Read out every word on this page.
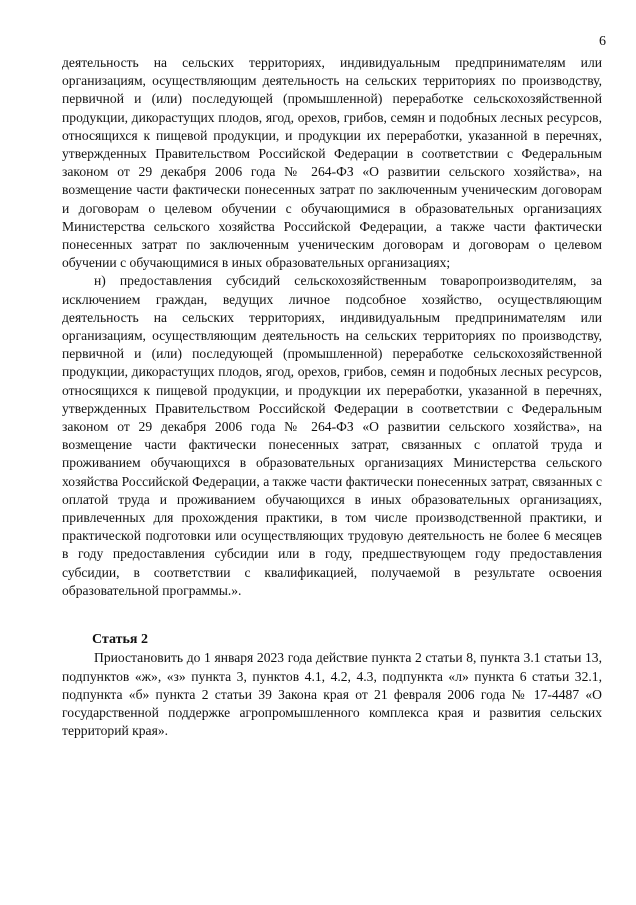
6

деятельность на сельских территориях, индивидуальным предпринимателям или организациям, осуществляющим деятельность на сельских территориях по производству, первичной и (или) последующей (промышленной) переработке сельскохозяйственной продукции, дикорастущих плодов, ягод, орехов, грибов, семян и подобных лесных ресурсов, относящихся к пищевой продукции, и продукции их переработки, указанной в перечнях, утвержденных Правительством Российской Федерации в соответствии с Федеральным законом от 29 декабря 2006 года № 264-ФЗ «О развитии сельского хозяйства», на возмещение части фактически понесенных затрат по заключенным ученическим договорам и договорам о целевом обучении с обучающимися в образовательных организациях Министерства сельского хозяйства Российской Федерации, а также части фактически понесенных затрат по заключенным ученическим договорам и договорам о целевом обучении с обучающимися в иных образовательных организациях;

н) предоставления субсидий сельскохозяйственным товаропроизводителям, за исключением граждан, ведущих личное подсобное хозяйство, осуществляющим деятельность на сельских территориях, индивидуальным предпринимателям или организациям, осуществляющим деятельность на сельских территориях по производству, первичной и (или) последующей (промышленной) переработке сельскохозяйственной продукции, дикорастущих плодов, ягод, орехов, грибов, семян и подобных лесных ресурсов, относящихся к пищевой продукции, и продукции их переработки, указанной в перечнях, утвержденных Правительством Российской Федерации в соответствии с Федеральным законом от 29 декабря 2006 года № 264-ФЗ «О развитии сельского хозяйства», на возмещение части фактически понесенных затрат, связанных с оплатой труда и проживанием обучающихся в образовательных организациях Министерства сельского хозяйства Российской Федерации, а также части фактически понесенных затрат, связанных с оплатой труда и проживанием обучающихся в иных образовательных организациях, привлеченных для прохождения практики, в том числе производственной практики, и практической подготовки или осуществляющих трудовую деятельность не более 6 месяцев в году предоставления субсидии или в году, предшествующем году предоставления субсидии, в соответствии с квалификацией, получаемой в результате освоения образовательной программы.».

Статья 2

Приостановить до 1 января 2023 года действие пункта 2 статьи 8, пункта 3.1 статьи 13, подпунктов «ж», «з» пункта 3, пунктов 4.1, 4.2, 4.3, подпункта «л» пункта 6 статьи 32.1, подпункта «б» пункта 2 статьи 39 Закона края от 21 февраля 2006 года № 17-4487 «О государственной поддержке агропромышленного комплекса края и развития сельских территорий края».
